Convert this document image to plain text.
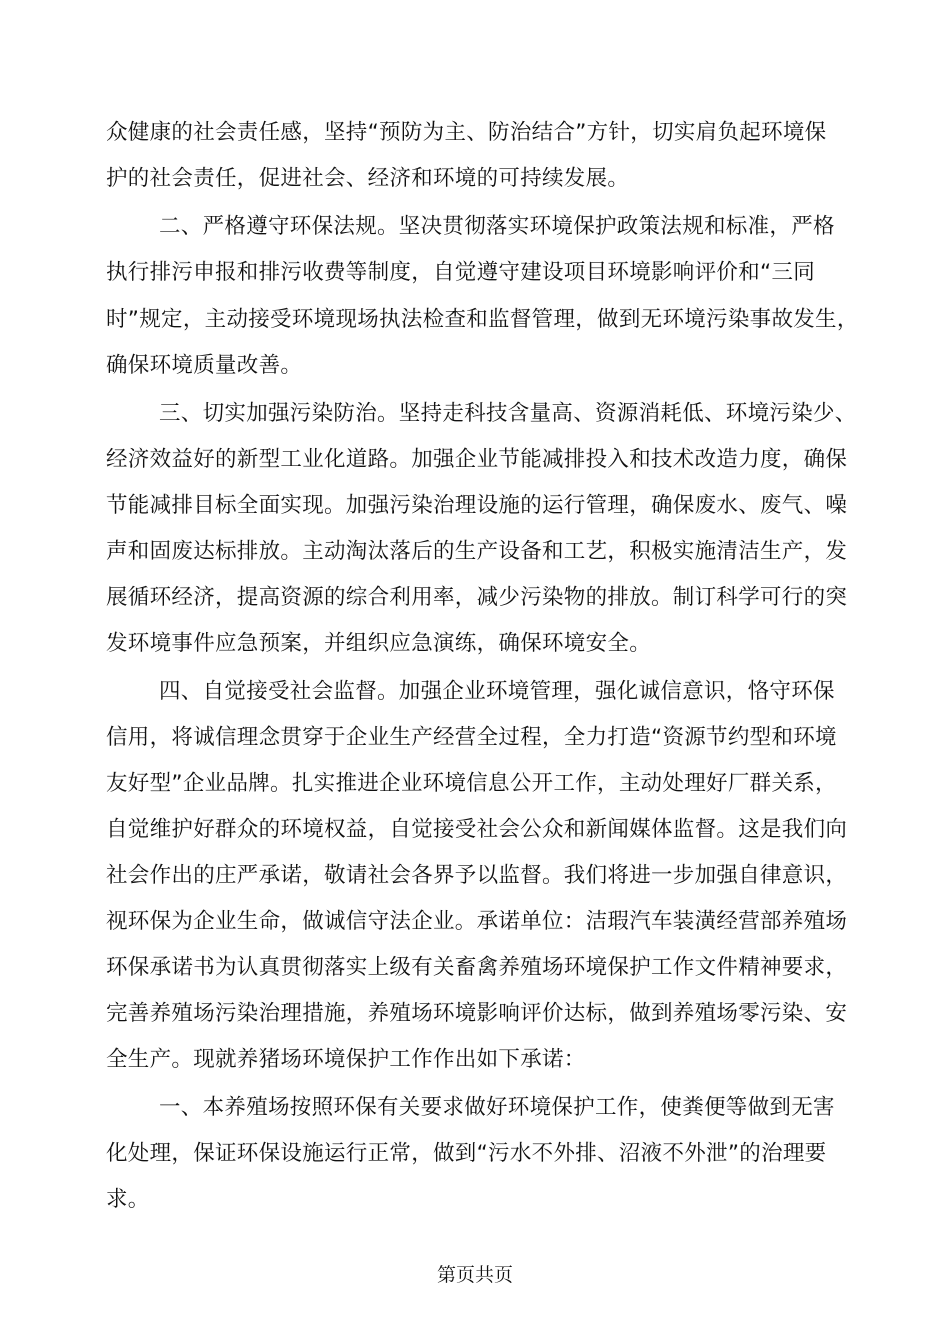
众健康的社会责任感，坚持“预防为主、防治结合”方针，切实肩负起环境保
护的社会责任，促进社会、经济和环境的可持续发展。
二、严格遵守环保法规。坚决贯彻落实环境保护政策法规和标准，严格
执行排污申报和排污收费等制度，自觉遵守建设项目环境影响评价和“三同
时”规定，主动接受环境现场执法检查和监督管理，做到无环境污染事故发生，
确保环境质量改善。
三、切实加强污染防治。坚持走科技含量高、资源消耗低、环境污染少、
经济效益好的新型工业化道路。加强企业节能减排投入和技术改造力度，确保
节能减排目标全面实现。加强污染治理设施的运行管理，确保废水、废气、噪
声和固废达标排放。主动淘汰落后的生产设备和工艺，积极实施清洁生产，发
展循环经济，提高资源的综合利用率，减少污染物的排放。制订科学可行的突
发环境事件应急预案，并组织应急演练，确保环境安全。
四、自觉接受社会监督。加强企业环境管理，强化诚信意识，恪守环保
信用，将诚信理念贯穿于企业生产经营全过程，全力打造“资源节约型和环境
友好型”企业品牌。扎实推进企业环境信息公开工作，主动处理好厂群关系，
自觉维护好群众的环境权益，自觉接受社会公众和新闻媒体监督。这是我们向
社会作出的庄严承诺，敬请社会各界予以监督。我们将进一步加强自律意识，
视环保为企业生命，做诚信守法企业。承诺单位：洁瑕汽车装潢经营部养殖场
环保承诺书为认真贯彻落实上级有关畜禽养殖场环境保护工作文件精神要求，
完善养殖场污染治理措施，养殖场环境影响评价达标，做到养殖场零污染、安
全生产。现就养猪场环境保护工作作出如下承诺：
一、本养殖场按照环保有关要求做好环境保护工作，使粪便等做到无害
化处理，保证环保设施运行正常，做到“污水不外排、沼液不外泄”的治理要
求。
第页共页
